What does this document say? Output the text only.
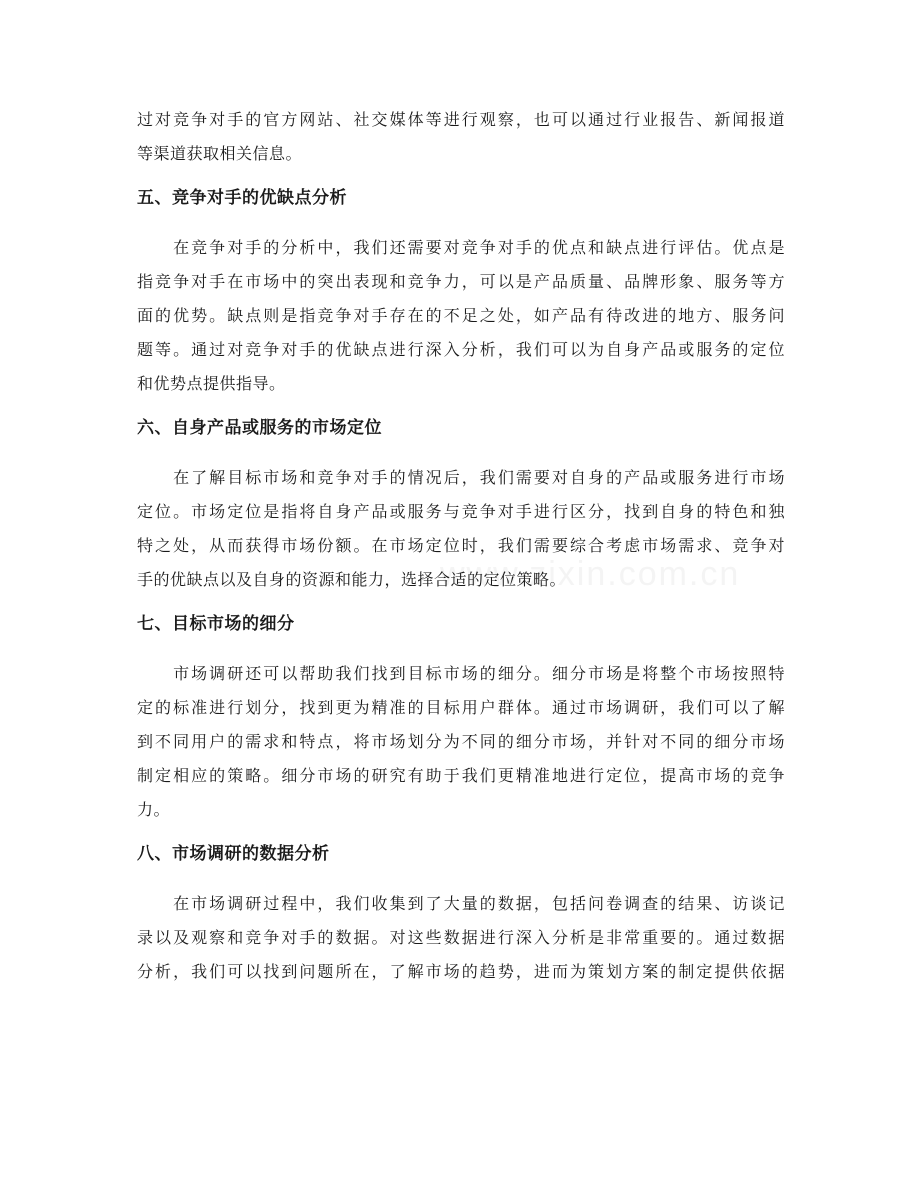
www.zixin.com.cn
过对竞争对手的官方网站、社交媒体等进行观察，也可以通过行业报告、新闻报道
等渠道获取相关信息。
五、竞争对手的优缺点分析
　　在竞争对手的分析中，我们还需要对竞争对手的优点和缺点进行评估。优点是
指竞争对手在市场中的突出表现和竞争力，可以是产品质量、品牌形象、服务等方
面的优势。缺点则是指竞争对手存在的不足之处，如产品有待改进的地方、服务问
题等。通过对竞争对手的优缺点进行深入分析，我们可以为自身产品或服务的定位
和优势点提供指导。
六、自身产品或服务的市场定位
　　在了解目标市场和竞争对手的情况后，我们需要对自身的产品或服务进行市场
定位。市场定位是指将自身产品或服务与竞争对手进行区分，找到自身的特色和独
特之处，从而获得市场份额。在市场定位时，我们需要综合考虑市场需求、竞争对
手的优缺点以及自身的资源和能力，选择合适的定位策略。
七、目标市场的细分
　　市场调研还可以帮助我们找到目标市场的细分。细分市场是将整个市场按照特
定的标准进行划分，找到更为精准的目标用户群体。通过市场调研，我们可以了解
到不同用户的需求和特点，将市场划分为不同的细分市场，并针对不同的细分市场
制定相应的策略。细分市场的研究有助于我们更精准地进行定位，提高市场的竞争
力。
八、市场调研的数据分析
　　在市场调研过程中，我们收集到了大量的数据，包括问卷调查的结果、访谈记
录以及观察和竞争对手的数据。对这些数据进行深入分析是非常重要的。通过数据
分析，我们可以找到问题所在，了解市场的趋势，进而为策划方案的制定提供依据
